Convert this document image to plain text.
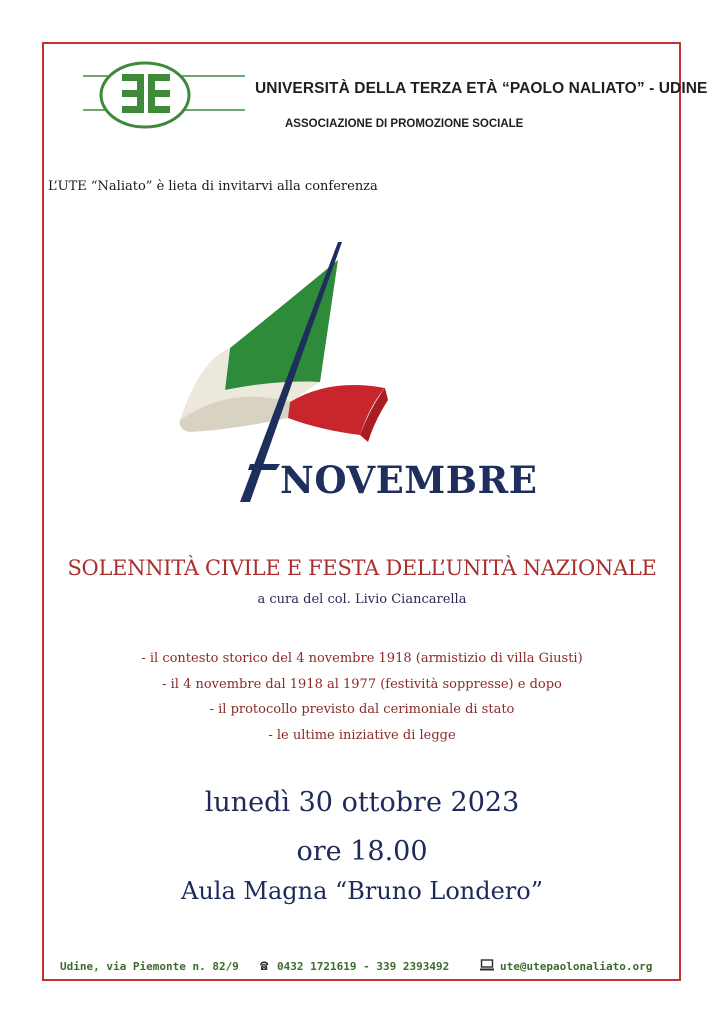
UNIVERSITÀ DELLA TERZA ETÀ “PAOLO NALIATO” - UDINE
ASSOCIAZIONE DI PROMOZIONE SOCIALE
L’UTE “Naliato” è lieta di invitarvi alla conferenza
NOVEMBRE
SOLENNITÀ CIVILE E FESTA DELL’UNITÀ NAZIONALE
a cura del col. Livio Ciancarella
- il contesto storico del 4 novembre 1918 (armistizio di villa Giusti)
- il 4 novembre dal 1918 al 1977 (festività soppresse) e dopo
- il protocollo previsto dal cerimoniale di stato
- le ultime iniziative di legge
lunedì 30 ottobre 2023
ore 18.00
Aula Magna “Bruno Londero”
Udine, via Piemonte n. 82/9 ☎ 0432 1721619 - 339 2393492	ute@utepaolonaliato.org
